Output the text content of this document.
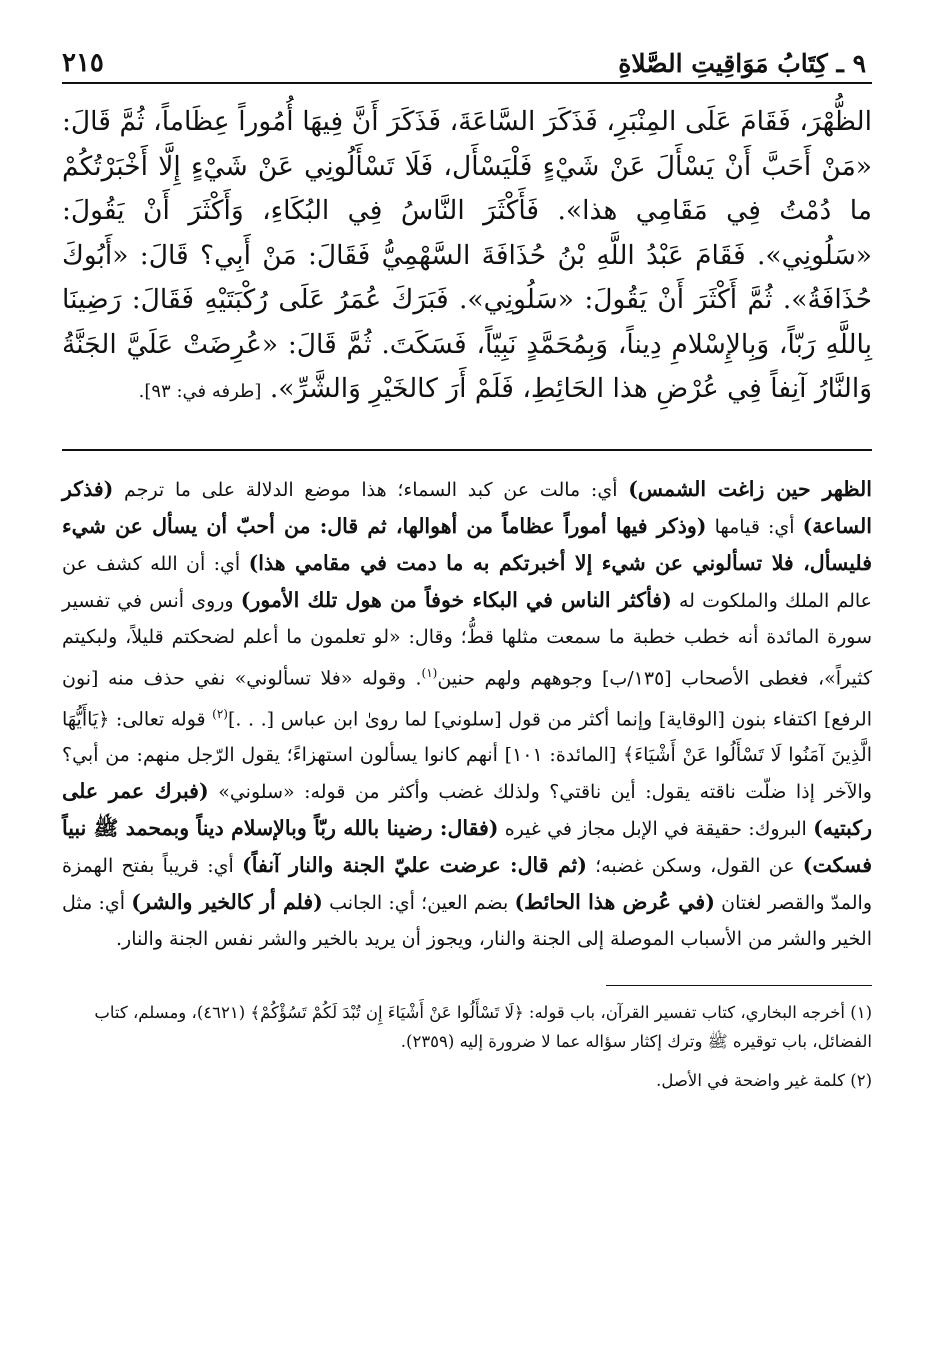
٩ ـ كِتَابُ مَوَاقِيتِ الصَّلاةِ
٢١٥
الظُّهْرَ، فَقَامَ عَلَى المِنْبَرِ، فَذَكَرَ السَّاعَةَ، فَذَكَرَ أَنَّ فِيهَا أُمُوراً عِظَاماً، ثُمَّ قَالَ: «مَنْ أَحَبَّ أَنْ يَسْأَلَ عَنْ شَيْءٍ فَلْيَسْأَل، فَلَا تَسْأَلُونِي عَنْ شَيْءٍ إِلَّا أَخْبَرْتُكُمْ ما دُمْتُ فِي مَقَامِي هذا». فَأَكْثَرَ النَّاسُ فِي البُكَاءِ، وَأَكْثَرَ أَنْ يَقُولَ: «سَلُونِي». فَقَامَ عَبْدُ اللَّهِ بْنُ حُذَافَةَ السَّهْمِيُّ فَقَالَ: مَنْ أَبِي؟ قَالَ: «أَبُوكَ حُذَافَةُ». ثُمَّ أَكْثَرَ أَنْ يَقُولَ: «سَلُونِي». فَبَرَكَ عُمَرُ عَلَى رُكْبَتَيْهِ فَقَالَ: رَضِينَا بِاللَّهِ رَبّاً، وَبِالإِسْلامِ دِيناً، وَبِمُحَمَّدٍ نَبِيّاً، فَسَكَتَ. ثُمَّ قَالَ: «عُرِضَتْ عَلَيَّ الجَنَّةُ وَالنَّارُ آنِفاً فِي عُرْضِ هذا الحَائِطِ، فَلَمْ أَرَ كالخَيْرِ وَالشَّرِّ». [طرفه في: ٩٣].
الظهر حين زاغت الشمس) أي: مالت عن كبد السماء؛ هذا موضع الدلالة على ما ترجم (فذكر الساعة) أي: قيامها (وذكر فيها أموراً عظاماً من أهوالها، ثم قال: من أحبّ أن يسأل عن شيء فليسأل، فلا تسألوني عن شيء إلا أخبرتكم به ما دمت في مقامي هذا) أي: أن الله كشف عن عالم الملك والملكوت له (فأكثر الناس في البكاء خوفاً من هول تلك الأمور) وروى أنس في تفسير سورة المائدة أنه خطب خطبة ما سمعت مثلها قطُّ؛ وقال: «لو تعلمون ما أعلم لضحكتم قليلاً، ولبكيتم كثيراً»، فغطى الأصحاب [١٣٥/ب] وجوههم ولهم حنين$^{(١)}$. وقوله «فلا تسألوني» نفي حذف منه [نون الرفع] اكتفاء بنون [الوقاية] وإنما أكثر من قول [سلوني] لما رویٰ ابن عباس [. . .]$^{(٢)}$ قوله تعالى: ﴿يَاأَيُّهَا الَّذِينَ آمَنُوا لَا تَسْأَلُوا عَنْ أَشْيَاءَ﴾ [المائدة: ١٠١] أنهم كانوا يسألون استهزاءً؛ يقول الرّجل منهم: من أبي؟ والآخر إذا ضلّت ناقته يقول: أين ناقتي؟ ولذلك غضب وأكثر من قوله: «سلوني» (فبرك عمر على ركبتيه) البروك: حقيقة في الإبل مجاز في غيره (فقال: رضينا بالله ربّاً وبالإسلام ديناً وبمحمد ﷺ نبياً فسكت) عن القول، وسكن غضبه؛ (ثم قال: عرضت عليّ الجنة والنار آنفاً) أي: قريباً بفتح الهمزة والمدّ والقصر لغتان (في عُرض هذا الحائط) بضم العين؛ أي: الجانب (فلم أر كالخير والشر) أي: مثل الخير والشر من الأسباب الموصلة إلى الجنة والنار، ويجوز أن يريد بالخير والشر نفس الجنة والنار.
(١) أخرجه البخاري، كتاب تفسير القرآن، باب قوله: ﴿لَا تَسْأَلُوا عَنْ أَشْيَاءَ إِن تُبْدَ لَكُمْ تَسُؤْكُمْ﴾ (٤٦٢١)، ومسلم، كتاب الفضائل، باب توقيره ﷺ وترك إكثار سؤاله عما لا ضرورة إليه (٢٣٥٩).
(٢) كلمة غير واضحة في الأصل.
